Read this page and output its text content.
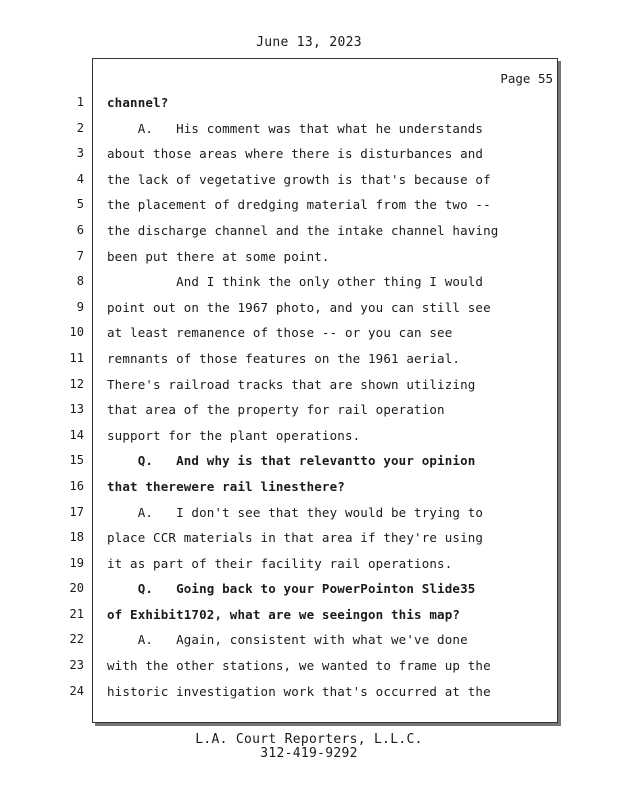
June 13, 2023
Page 55
1
2
3
4
5
6
7
8
9
10
11
12
13
14
15
16
17
18
19
20
21
22
23
24
channel?
A.   His comment was that what he understands
about those areas where there is disturbances and
the lack of vegetative growth is that's because of
the placement of dredging material from the two --
the discharge channel and the intake channel having
been put there at some point.
And I think the only other thing I would
point out on the 1967 photo, and you can still see
at least remanence of those -- or you can see
remnants of those features on the 1961 aerial.
There's railroad tracks that are shown utilizing
that area of the property for rail operation
support for the plant operations.
Q.   And why is that relevantto your opinion
that therewere rail linesthere?
A.   I don't see that they would be trying to
place CCR materials in that area if they're using
it as part of their facility rail operations.
Q.   Going back to your PowerPointon Slide35
of Exhibit1702, what are we seeingon this map?
A.   Again, consistent with what we've done
with the other stations, we wanted to frame up the
historic investigation work that's occurred at the
L.A. Court Reporters, L.L.C.
312-419-9292
